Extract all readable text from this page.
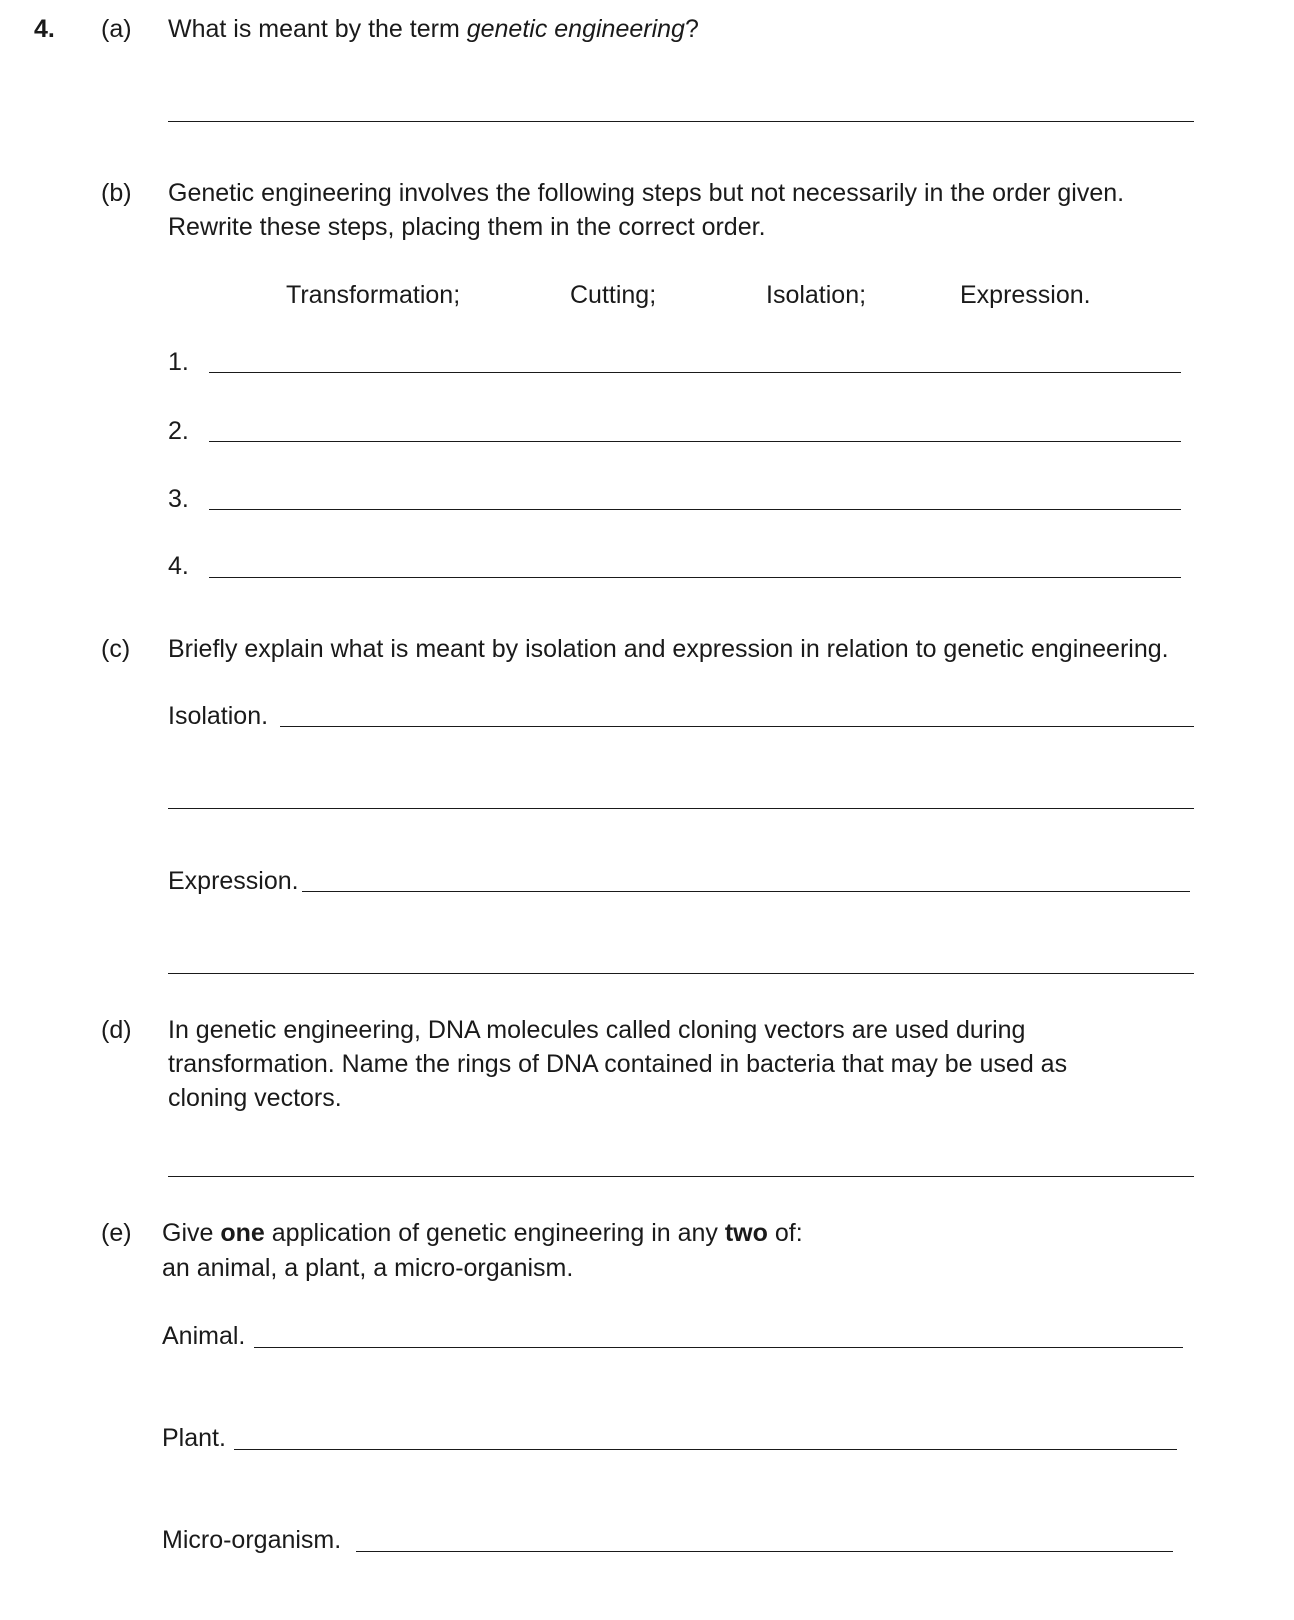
4. (a) What is meant by the term genetic engineering?
(b) Genetic engineering involves the following steps but not necessarily in the order given.
Rewrite these steps, placing them in the correct order.
Transformation;	Cutting;	Isolation;	Expression.
1.
2.
3.
4.
(c) Briefly explain what is meant by isolation and expression in relation to genetic engineering.
Isolation.
Expression.
(d) In genetic engineering, DNA molecules called cloning vectors are used during
transformation. Name the rings of DNA contained in bacteria that may be used as
cloning vectors.
(e) Give one application of genetic engineering in any two of:
an animal, a plant, a micro-organism.
Animal.
Plant.
Micro-organism.
